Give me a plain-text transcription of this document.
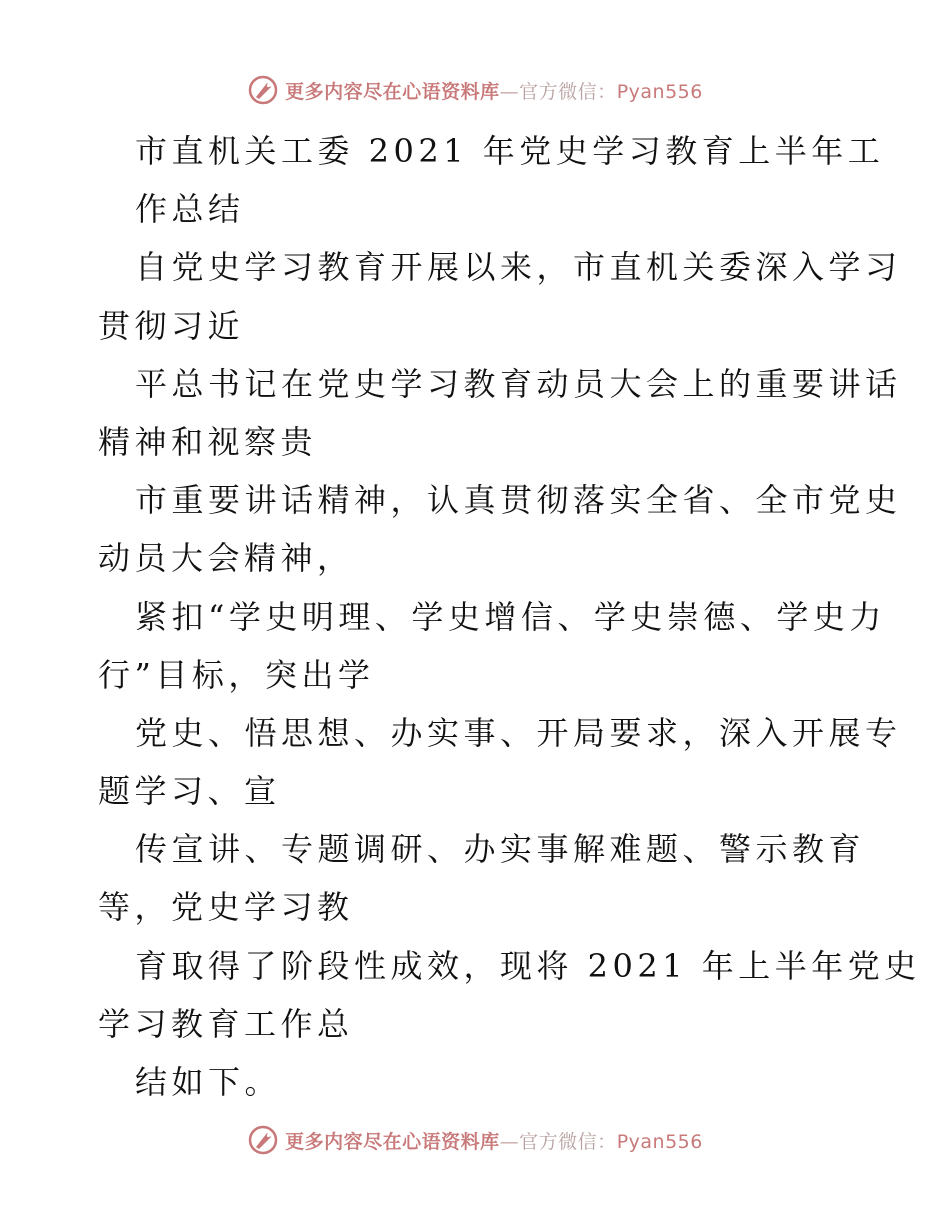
更多内容尽在心语资料库—官方微信：Pyan556
市直机关工委 2021 年党史学习教育上半年工
作总结
自党史学习教育开展以来，市直机关委深入学习
贯彻习近
平总书记在党史学习教育动员大会上的重要讲话
精神和视察贵
市重要讲话精神，认真贯彻落实全省、全市党史
动员大会精神，
紧扣“学史明理、学史增信、学史崇德、学史力
行”目标，突出学
党史、悟思想、办实事、开局要求，深入开展专
题学习、宣
传宣讲、专题调研、办实事解难题、警示教育
等，党史学习教
育取得了阶段性成效，现将 2021 年上半年党史
学习教育工作总
结如下。
更多内容尽在心语资料库—官方微信：Pyan556
